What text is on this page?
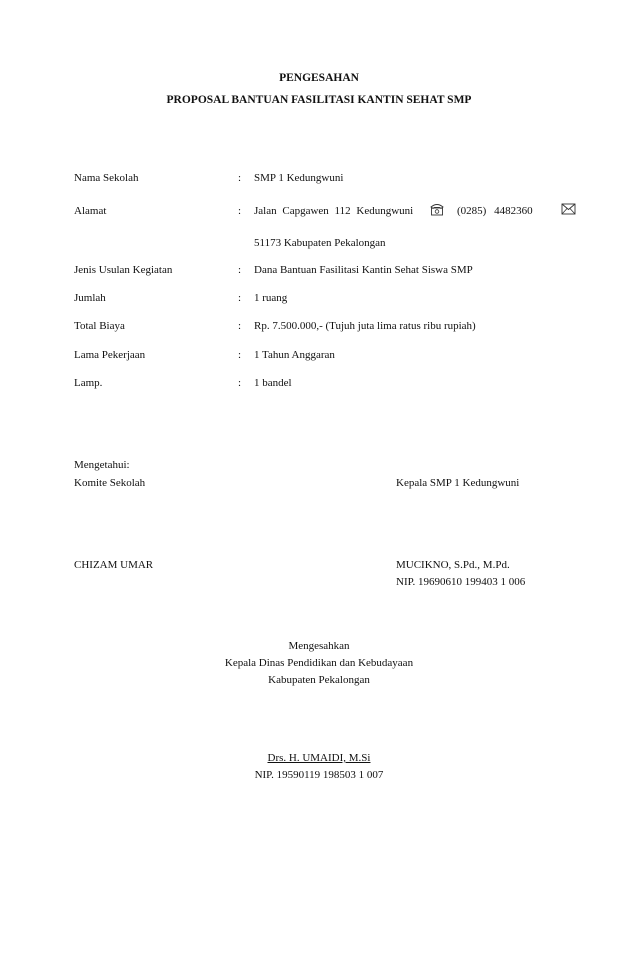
PENGESAHAN
PROPOSAL BANTUAN FASILITASI KANTIN SEHAT SMP
Nama Sekolah	: SMP 1 Kedungwuni
Alamat	: Jalan Capgawen 112 Kedungwuni	(0285) 4482360
51173 Kabupaten Pekalongan
Jenis Usulan Kegiatan	: Dana Bantuan Fasilitasi Kantin Sehat Siswa SMP
Jumlah	: 1 ruang
Total Biaya	: Rp. 7.500.000,- (Tujuh juta lima ratus ribu rupiah)
Lama Pekerjaan	: 1 Tahun Anggaran
Lamp.	: 1 bandel
Mengetahui:
Komite Sekolah
CHIZAM UMAR
Kepala SMP 1 Kedungwuni
MUCIKNO, S.Pd., M.Pd.
NIP. 19690610 199403 1 006
Mengesahkan
Kepala Dinas Pendidikan dan Kebudayaan
Kabupaten Pekalongan
Drs. H. UMAIDI, M.Si
NIP. 19590119 198503 1 007
